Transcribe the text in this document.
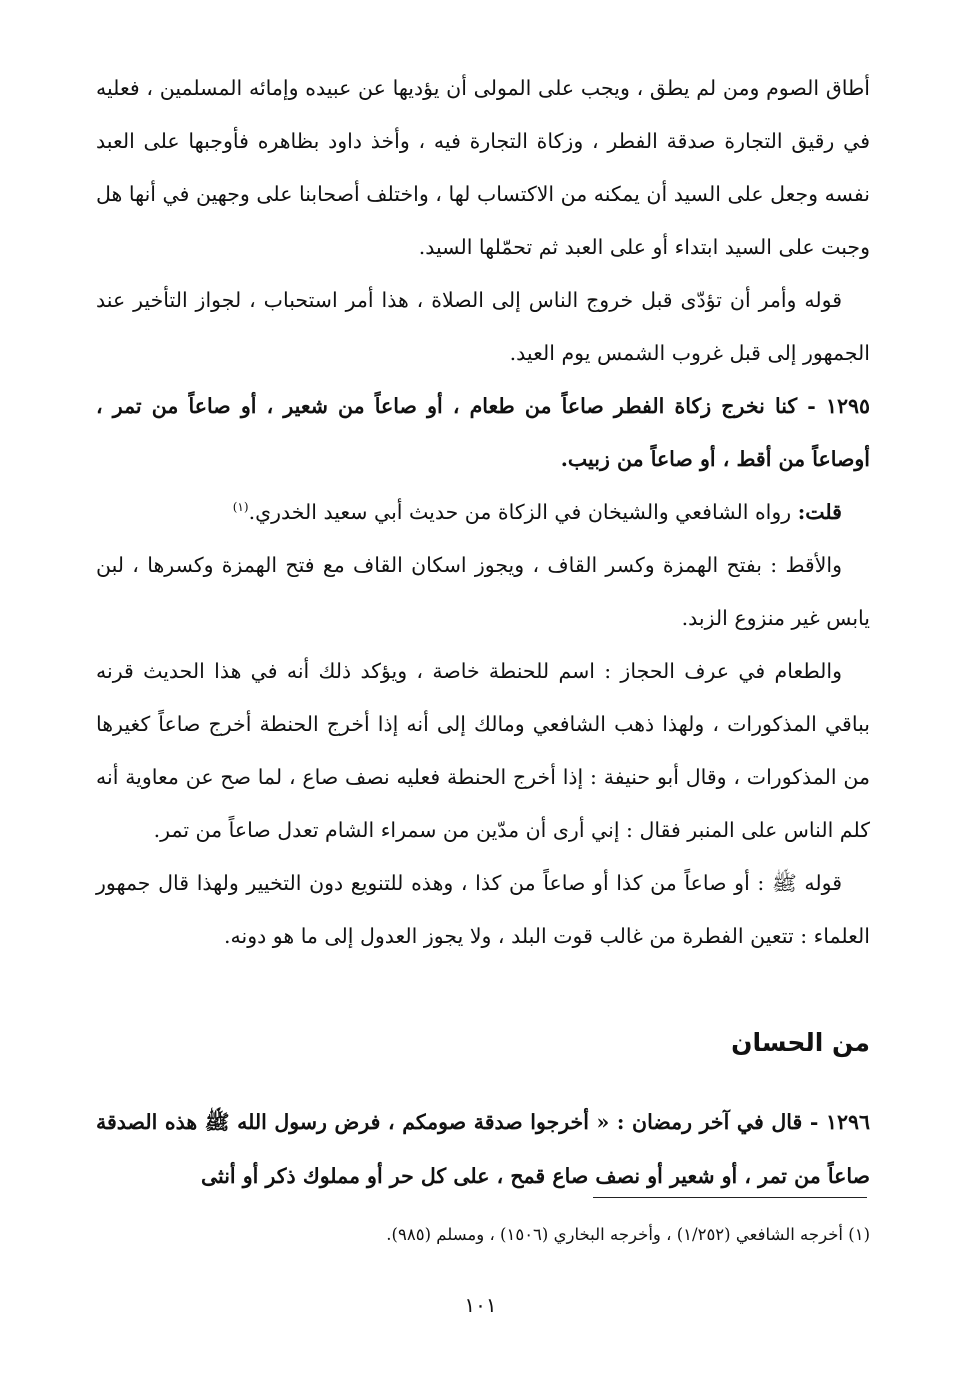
أطاق الصوم ومن لم يطق ، ويجب على المولى أن يؤديها عن عبيده وإمائه المسلمين ، فعليه في رقيق التجارة صدقة الفطر ، وزكاة التجارة فيه ، وأخذ داود بظاهره فأوجبها على العبد نفسه وجعل على السيد أن يمكنه من الاكتساب لها ، واختلف أصحابنا على وجهين في أنها هل وجبت على السيد ابتداء أو على العبد ثم تحمّلها السيد.

قوله وأمر أن تؤدّى قبل خروج الناس إلى الصلاة ، هذا أمر استحباب ، لجواز التأخير عند الجمهور إلى قبل غروب الشمس يوم العيد.

١٢٩٥ - كنا نخرج زكاة الفطر صاعاً من طعام ، أو صاعاً من شعير ، أو صاعاً من تمر ، أوصاعاً من أقط ، أو صاعاً من زبيب.

قلت: رواه الشافعي والشيخان في الزكاة من حديث أبي سعيد الخدري.$^{(١)}$

والأقط : بفتح الهمزة وكسر القاف ، ويجوز اسكان القاف مع فتح الهمزة وكسرها ، لبن يابس غير منزوع الزبد.

والطعام في عرف الحجاز : اسم للحنطة خاصة ، ويؤكد ذلك أنه في هذا الحديث قرنه بباقي المذكورات ، ولهذا ذهب الشافعي ومالك إلى أنه إذا أخرج الحنطة أخرج صاعاً كغيرها من المذكورات ، وقال أبو حنيفة : إذا أخرج الحنطة فعليه نصف صاع ، لما صح عن معاوية أنه كلم الناس على المنبر فقال : إني أرى أن مدّين من سمراء الشام تعدل صاعاً من تمر.

قوله ﷺ : أو صاعاً من كذا أو صاعاً من كذا ، وهذه للتنويع دون التخيير ولهذا قال جمهور العلماء : تتعين الفطرة من غالب قوت البلد ، ولا يجوز العدول إلى ما هو دونه.

من الحسان

١٢٩٦ - قال في آخر رمضان : « أخرجوا صدقة صومكم ، فرض رسول الله ﷺ هذه الصدقة صاعاً من تمر ، أو شعير أو نصف صاع قمح ، على كل حر أو مملوك ذكر أو أنثى

(١) أخرجه الشافعي (١/٢٥٢) ، وأخرجه البخاري (١٥٠٦) ، ومسلم (٩٨٥).
١٠١
